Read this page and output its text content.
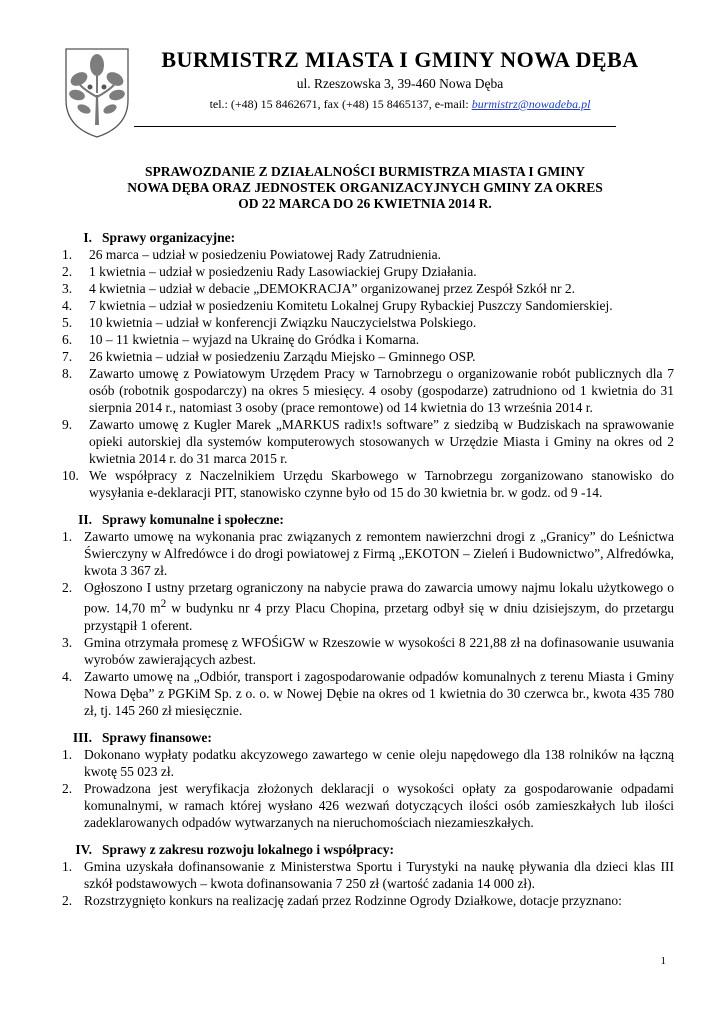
BURMISTRZ MIASTA I GMINY NOWA DĘBA
ul. Rzeszowska 3, 39-460 Nowa Dęba
tel.: (+48) 15 8462671, fax (+48) 15 8465137, e-mail: burmistrz@nowadeba.pl
SPRAWOZDANIE Z DZIAŁALNOŚCI BURMISTRZA MIASTA I GMINY
NOWA DĘBA ORAZ JEDNOSTEK ORGANIZACYJNYCH GMINY ZA OKRES
OD 22 MARCA DO 26 KWIETNIA 2014 R.

I. Sprawy organizacyjne:

1. 26 marca – udział w posiedzeniu Powiatowej Rady Zatrudnienia.
2. 1 kwietnia – udział w posiedzeniu Rady Lasowiackiej Grupy Działania.
3. 4 kwietnia – udział w debacie „DEMOKRACJA” organizowanej przez Zespół Szkół nr 2.
4. 7 kwietnia – udział w posiedzeniu Komitetu Lokalnej Grupy Rybackiej Puszczy Sandomierskiej.
5. 10 kwietnia – udział w konferencji Związku Nauczycielstwa Polskiego.
6. 10 – 11 kwietnia – wyjazd na Ukrainę do Gródka i Komarna.
7. 26 kwietnia – udział w posiedzeniu Zarządu Miejsko – Gminnego OSP.
8. Zawarto umowę z Powiatowym Urzędem Pracy w Tarnobrzegu o organizowanie robót publicznych dla 7 osób (robotnik gospodarczy) na okres 5 miesięcy. 4 osoby (gospodarze) zatrudniono od 1 kwietnia do 31 sierpnia 2014 r., natomiast 3 osoby (prace remontowe) od 14 kwietnia do 13 września 2014 r.
9. Zawarto umowę z Kugler Marek „MARKUS radix!s software” z siedzibą w Budziskach na sprawowanie opieki autorskiej dla systemów komputerowych stosowanych w Urzędzie Miasta i Gminy na okres od 2 kwietnia 2014 r. do 31 marca 2015 r.
10. We współpracy z Naczelnikiem Urzędu Skarbowego w Tarnobrzegu zorganizowano stanowisko do wysyłania e-deklaracji PIT, stanowisko czynne było od 15 do 30 kwietnia br. w godz. od 9 -14.

II. Sprawy komunalne i społeczne:

1. Zawarto umowę na wykonania prac związanych z remontem nawierzchni drogi z „Granicy” do Leśnictwa Świerczyny w Alfredówce i do drogi powiatowej z Firmą „EKOTON – Zieleń i Budownictwo”, Alfredówka, kwota 3 367 zł.
2. Ogłoszono I ustny przetarg ograniczony na nabycie prawa do zawarcia umowy najmu lokalu użytkowego o pow. 14,70 $m^2$ w budynku nr 4 przy Placu Chopina, przetarg odbył się w dniu dzisiejszym, do przetargu przystąpił 1 oferent.
3. Gmina otrzymała promesę z WFOŚiGW w Rzeszowie w wysokości 8 221,88 zł na dofinasowanie usuwania wyrobów zawierających azbest.
4. Zawarto umowę na „Odbiór, transport i zagospodarowanie odpadów komunalnych z terenu Miasta i Gminy Nowa Dęba” z PGKiM Sp. z o. o. w Nowej Dębie na okres od 1 kwietnia do 30 czerwca br., kwota 435 780 zł, tj. 145 260 zł miesięcznie.

III. Sprawy finansowe:

1. Dokonano wypłaty podatku akcyzowego zawartego w cenie oleju napędowego dla 138 rolników na łączną kwotę 55 023 zł.
2. Prowadzona jest weryfikacja złożonych deklaracji o wysokości opłaty za gospodarowanie odpadami komunalnymi, w ramach której wysłano 426 wezwań dotyczących ilości osób zamieszkałych lub ilości zadeklarowanych odpadów wytwarzanych na nieruchomościach niezamieszkałych.

IV. Sprawy z zakresu rozwoju lokalnego i współpracy:

1. Gmina uzyskała dofinansowanie z Ministerstwa Sportu i Turystyki na naukę pływania dla dzieci klas III szkół podstawowych – kwota dofinansowania 7 250 zł (wartość zadania 14 000 zł).
2. Rozstrzygnięto konkurs na realizację zadań przez Rodzinne Ogrody Działkowe, dotacje przyznano:
1
